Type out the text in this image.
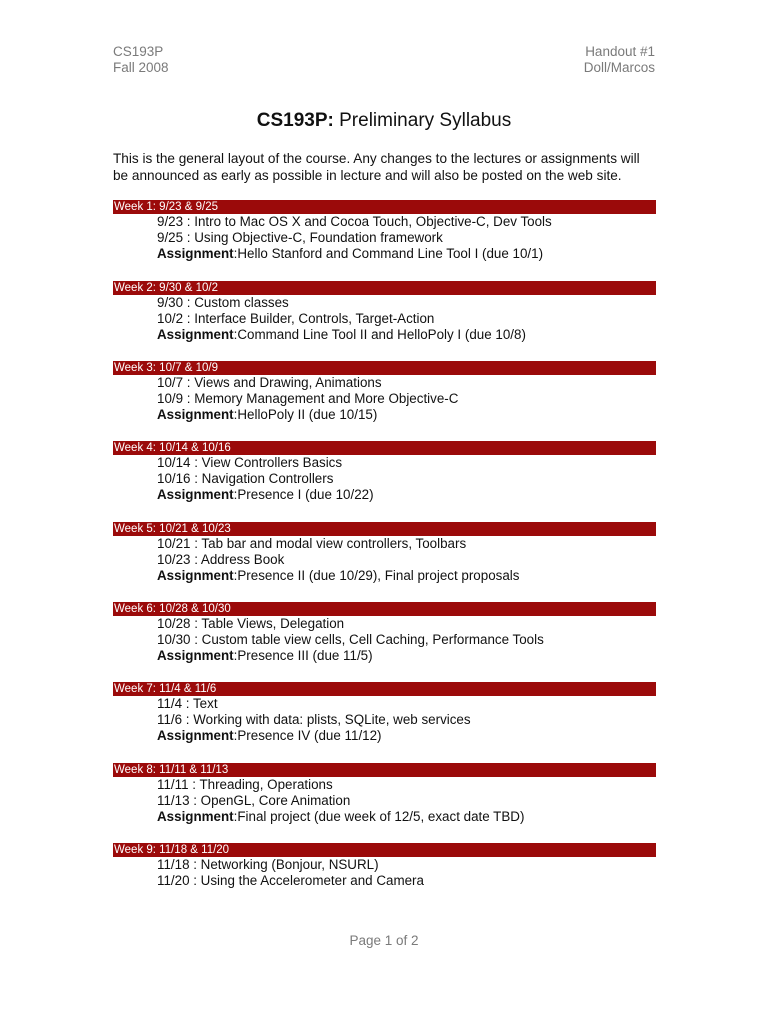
CS193P
Fall 2008
Handout #1
Doll/Marcos
CS193P: Preliminary Syllabus
This is the general layout of the course. Any changes to the lectures or assignments will be announced as early as possible in lecture and will also be posted on the web site.
Week 1: 9/23 & 9/25
9/23 : Intro to Mac OS X and Cocoa Touch, Objective-C, Dev Tools
9/25 : Using Objective-C, Foundation framework
Assignment:Hello Stanford and Command Line Tool I (due 10/1)
Week 2: 9/30 & 10/2
9/30 : Custom classes
10/2 : Interface Builder, Controls, Target-Action
Assignment:Command Line Tool II and HelloPoly I (due 10/8)
Week 3: 10/7 & 10/9
10/7 : Views and Drawing, Animations
10/9 : Memory Management and More Objective-C
Assignment:HelloPoly II (due 10/15)
Week 4: 10/14 & 10/16
10/14 : View Controllers Basics
10/16 : Navigation Controllers
Assignment:Presence I (due 10/22)
Week 5: 10/21 & 10/23
10/21 : Tab bar and modal view controllers, Toolbars
10/23 : Address Book
Assignment:Presence II (due 10/29), Final project proposals
Week 6: 10/28 & 10/30
10/28 : Table Views, Delegation
10/30 : Custom table view cells, Cell Caching, Performance Tools
Assignment:Presence III (due 11/5)
Week 7: 11/4 & 11/6
11/4 : Text
11/6 : Working with data: plists, SQLite, web services
Assignment:Presence IV (due 11/12)
Week 8: 11/11 & 11/13
11/11 : Threading, Operations
11/13 : OpenGL, Core Animation
Assignment:Final project (due week of 12/5, exact date TBD)
Week 9: 11/18 & 11/20
11/18 : Networking (Bonjour, NSURL)
11/20 : Using the Accelerometer and Camera
Page 1 of 2
